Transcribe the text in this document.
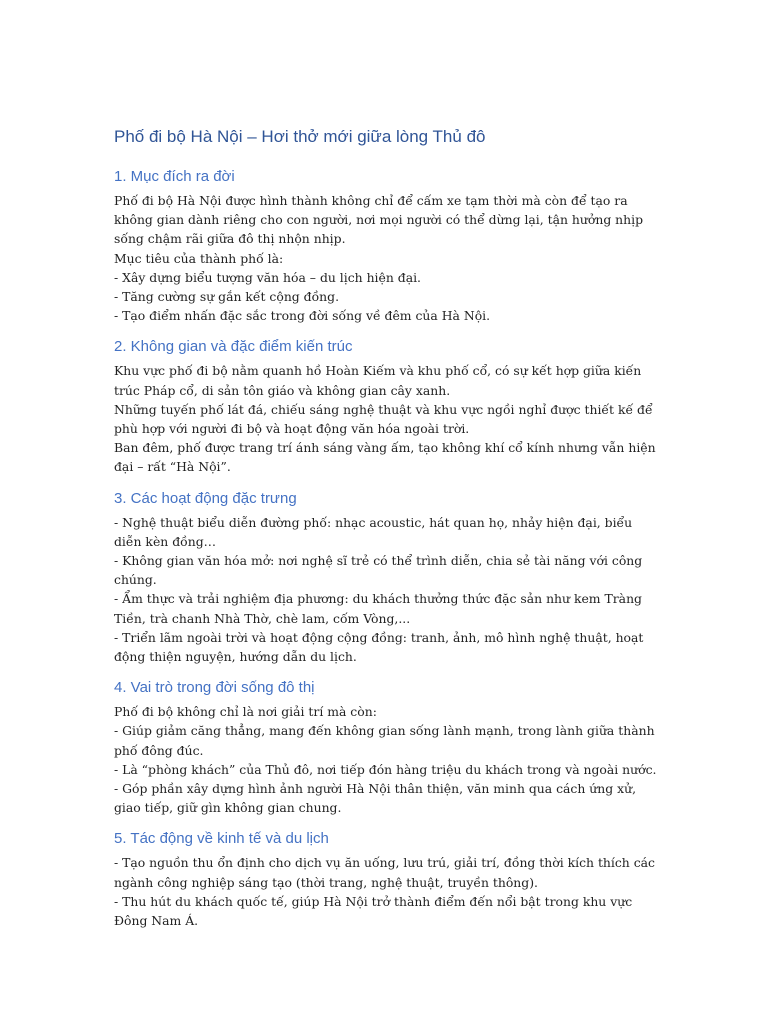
Phố đi bộ Hà Nội – Hơi thở mới giữa lòng Thủ đô
1. Mục đích ra đời

Phố đi bộ Hà Nội được hình thành không chỉ để cấm xe tạm thời mà còn để tạo ra không gian dành riêng cho con người, nơi mọi người có thể dừng lại, tận hưởng nhịp sống chậm rãi giữa đô thị nhộn nhịp.

Mục tiêu của thành phố là:

- Xây dựng biểu tượng văn hóa – du lịch hiện đại.

- Tăng cường sự gắn kết cộng đồng.

- Tạo điểm nhấn đặc sắc trong đời sống về đêm của Hà Nội.

2. Không gian và đặc điểm kiến trúc

Khu vực phố đi bộ nằm quanh hồ Hoàn Kiếm và khu phố cổ, có sự kết hợp giữa kiến trúc Pháp cổ, di sản tôn giáo và không gian cây xanh.

Những tuyến phố lát đá, chiếu sáng nghệ thuật và khu vực ngồi nghỉ được thiết kế để phù hợp với người đi bộ và hoạt động văn hóa ngoài trời.

Ban đêm, phố được trang trí ánh sáng vàng ấm, tạo không khí cổ kính nhưng vẫn hiện đại – rất “Hà Nội”.

3. Các hoạt động đặc trưng

- Nghệ thuật biểu diễn đường phố: nhạc acoustic, hát quan họ, nhảy hiện đại, biểu diễn kèn đồng…

- Không gian văn hóa mở: nơi nghệ sĩ trẻ có thể trình diễn, chia sẻ tài năng với công chúng.

- Ẩm thực và trải nghiệm địa phương: du khách thưởng thức đặc sản như kem Tràng Tiền, trà chanh Nhà Thờ, chè lam, cốm Vòng,...

- Triển lãm ngoài trời và hoạt động cộng đồng: tranh, ảnh, mô hình nghệ thuật, hoạt động thiện nguyện, hướng dẫn du lịch.

4. Vai trò trong đời sống đô thị

Phố đi bộ không chỉ là nơi giải trí mà còn:

- Giúp giảm căng thẳng, mang đến không gian sống lành mạnh, trong lành giữa thành phố đông đúc.

- Là “phòng khách” của Thủ đô, nơi tiếp đón hàng triệu du khách trong và ngoài nước.

- Góp phần xây dựng hình ảnh người Hà Nội thân thiện, văn minh qua cách ứng xử, giao tiếp, giữ gìn không gian chung.

5. Tác động về kinh tế và du lịch

- Tạo nguồn thu ổn định cho dịch vụ ăn uống, lưu trú, giải trí, đồng thời kích thích các ngành công nghiệp sáng tạo (thời trang, nghệ thuật, truyền thông).

- Thu hút du khách quốc tế, giúp Hà Nội trở thành điểm đến nổi bật trong khu vực Đông Nam Á.
